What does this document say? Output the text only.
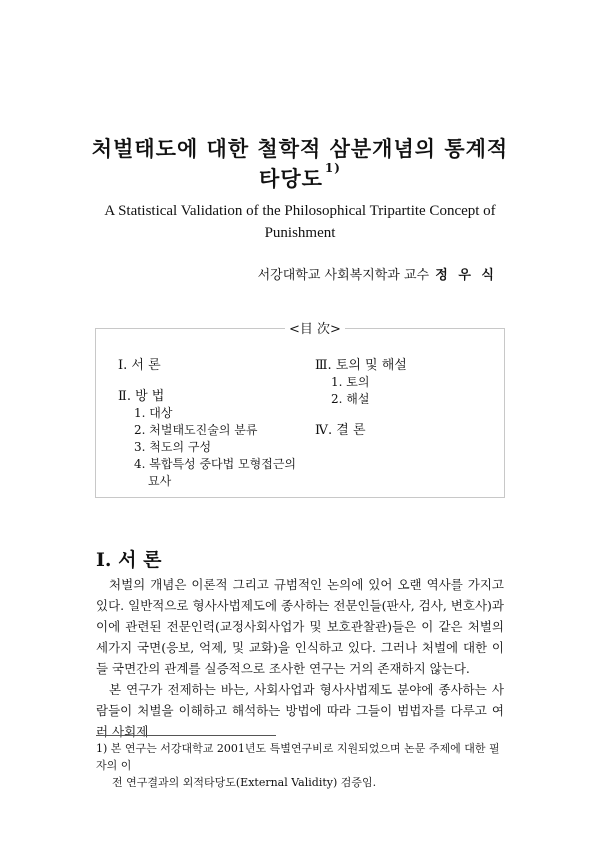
처벌태도에 대한 철학적 삼분개념의 통계적
타당도 $^{1)}$
A Statistical Validation of the Philosophical Tripartite Concept of
Punishment
서강대학교 사회복지학과 교수 정 우 식
<目 次>
Ⅰ. 서 론
Ⅱ. 방 법
1. 대상
2. 처벌태도진술의 분류
3. 척도의 구성
4. 복합특성 중다법 모형접근의
묘사
Ⅲ. 토의 및 해설
1. 토의
2. 해설
Ⅳ. 결 론
I. 서 론

처벌의 개념은 이론적 그리고 규범적인 논의에 있어 오랜 역사를 가지고 있다. 일반적으로 형사사법제도에 종사하는 전문인들(판사, 검사, 변호사)과 이에 관련된 전문인력(교정사회사업가 및 보호관찰관)들은 이 같은 처벌의 세가지 국면(응보, 억제, 및 교화)을 인식하고 있다. 그러나 처벌에 대한 이들 국면간의 관계를 실증적으로 조사한 연구는 거의 존재하지 않는다.

본 연구가 전제하는 바는, 사회사업과 형사사법제도 분야에 종사하는 사람들이 처벌을 이해하고 해석하는 방법에 따라 그들이 범법자를 다루고 여러 사회제

1) 본 연구는 서강대학교 2001년도 특별연구비로 지원되었으며 논문 주제에 대한 필자의 이
전 연구결과의 외적타당도(External Validity) 검증임.
